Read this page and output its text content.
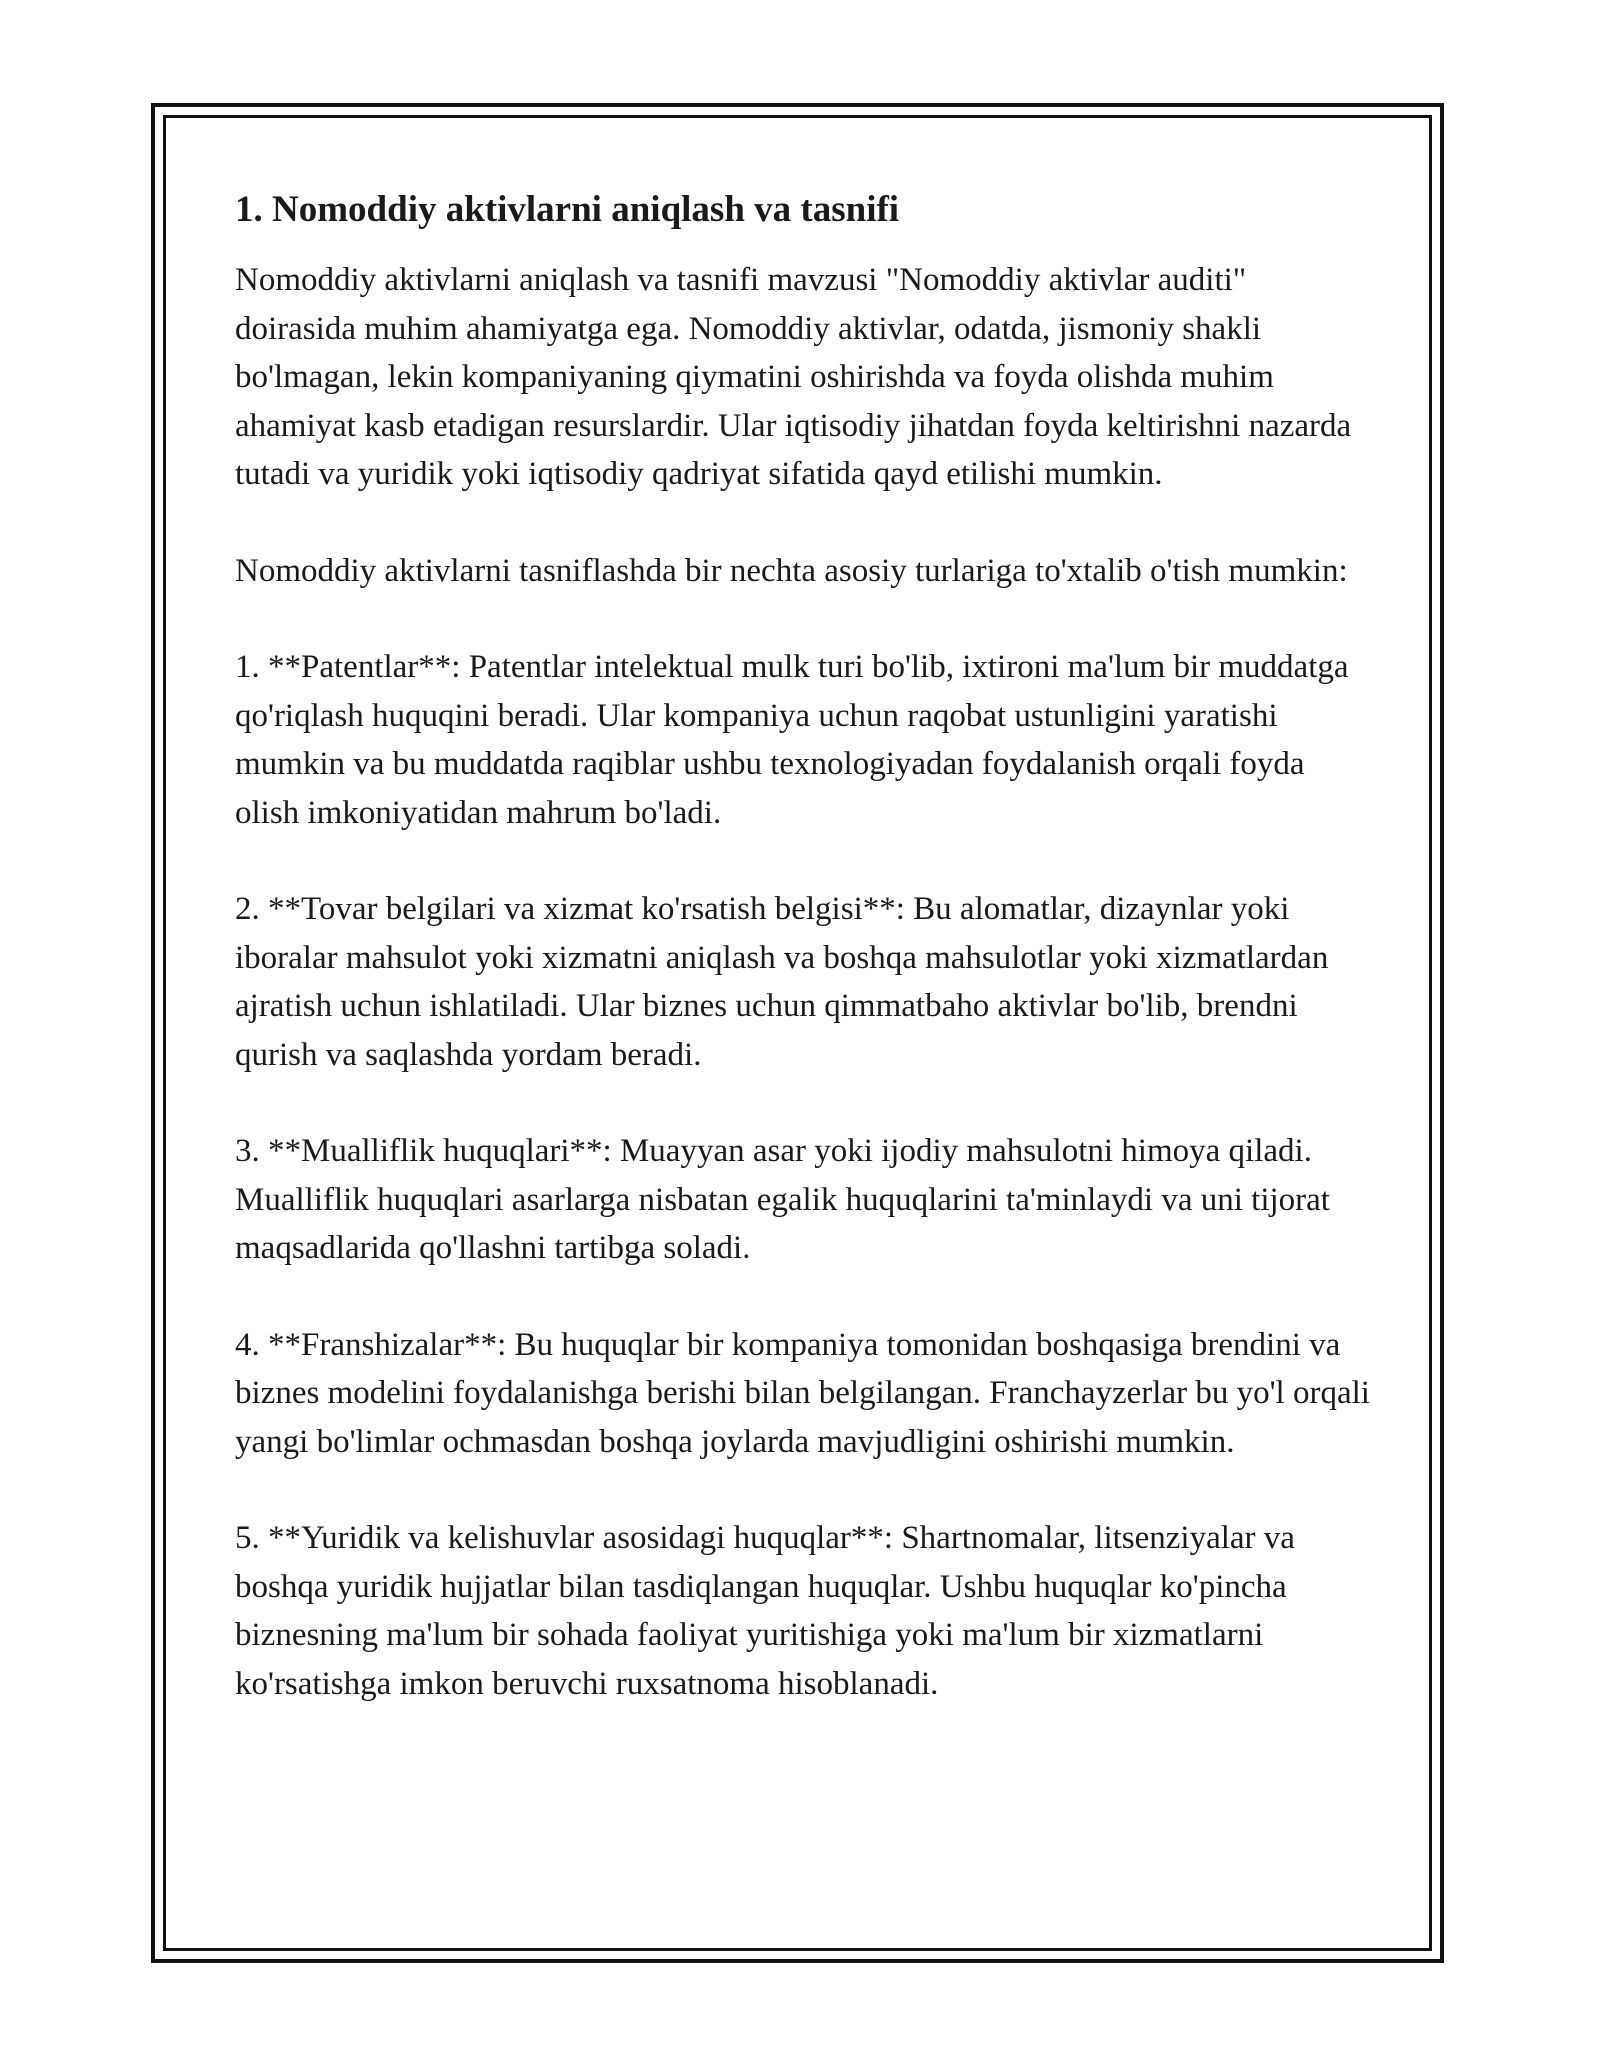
1. Nomoddiy aktivlarni aniqlash va tasnifi

Nomoddiy aktivlarni aniqlash va tasnifi mavzusi "Nomoddiy aktivlar auditi" doirasida muhim ahamiyatga ega. Nomoddiy aktivlar, odatda, jismoniy shakli bo'lmagan, lekin kompaniyaning qiymatini oshirishda va foyda olishda muhim ahamiyat kasb etadigan resurslardir. Ular iqtisodiy jihatdan foyda keltirishni nazarda tutadi va yuridik yoki iqtisodiy qadriyat sifatida qayd etilishi mumkin.

Nomoddiy aktivlarni tasniflashda bir nechta asosiy turlariga to'xtalib o'tish mumkin:

1. **Patentlar**: Patentlar intelektual mulk turi bo'lib, ixtironi ma'lum bir muddatga qo'riqlash huquqini beradi. Ular kompaniya uchun raqobat ustunligini yaratishi mumkin va bu muddatda raqiblar ushbu texnologiyadan foydalanish orqali foyda olish imkoniyatidan mahrum bo'ladi.

2. **Tovar belgilari va xizmat ko'rsatish belgisi**: Bu alomatlar, dizaynlar yoki iboralar mahsulot yoki xizmatni aniqlash va boshqa mahsulotlar yoki xizmatlardan ajratish uchun ishlatiladi. Ular biznes uchun qimmatbaho aktivlar bo'lib, brendni qurish va saqlashda yordam beradi.

3. **Mualliflik huquqlari**: Muayyan asar yoki ijodiy mahsulotni himoya qiladi. Mualliflik huquqlari asarlarga nisbatan egalik huquqlarini ta'minlaydi va uni tijorat maqsadlarida qo'llashni tartibga soladi.

4. **Franshizalar**: Bu huquqlar bir kompaniya tomonidan boshqasiga brendini va biznes modelini foydalanishga berishi bilan belgilangan. Franchayzerlar bu yo'l orqali yangi bo'limlar ochmasdan boshqa joylarda mavjudligini oshirishi mumkin.

5. **Yuridik va kelishuvlar asosidagi huquqlar**: Shartnomalar, litsenziyalar va boshqa yuridik hujjatlar bilan tasdiqlangan huquqlar. Ushbu huquqlar ko'pincha biznesning ma'lum bir sohada faoliyat yuritishiga yoki ma'lum bir xizmatlarni ko'rsatishga imkon beruvchi ruxsatnoma hisoblanadi.
